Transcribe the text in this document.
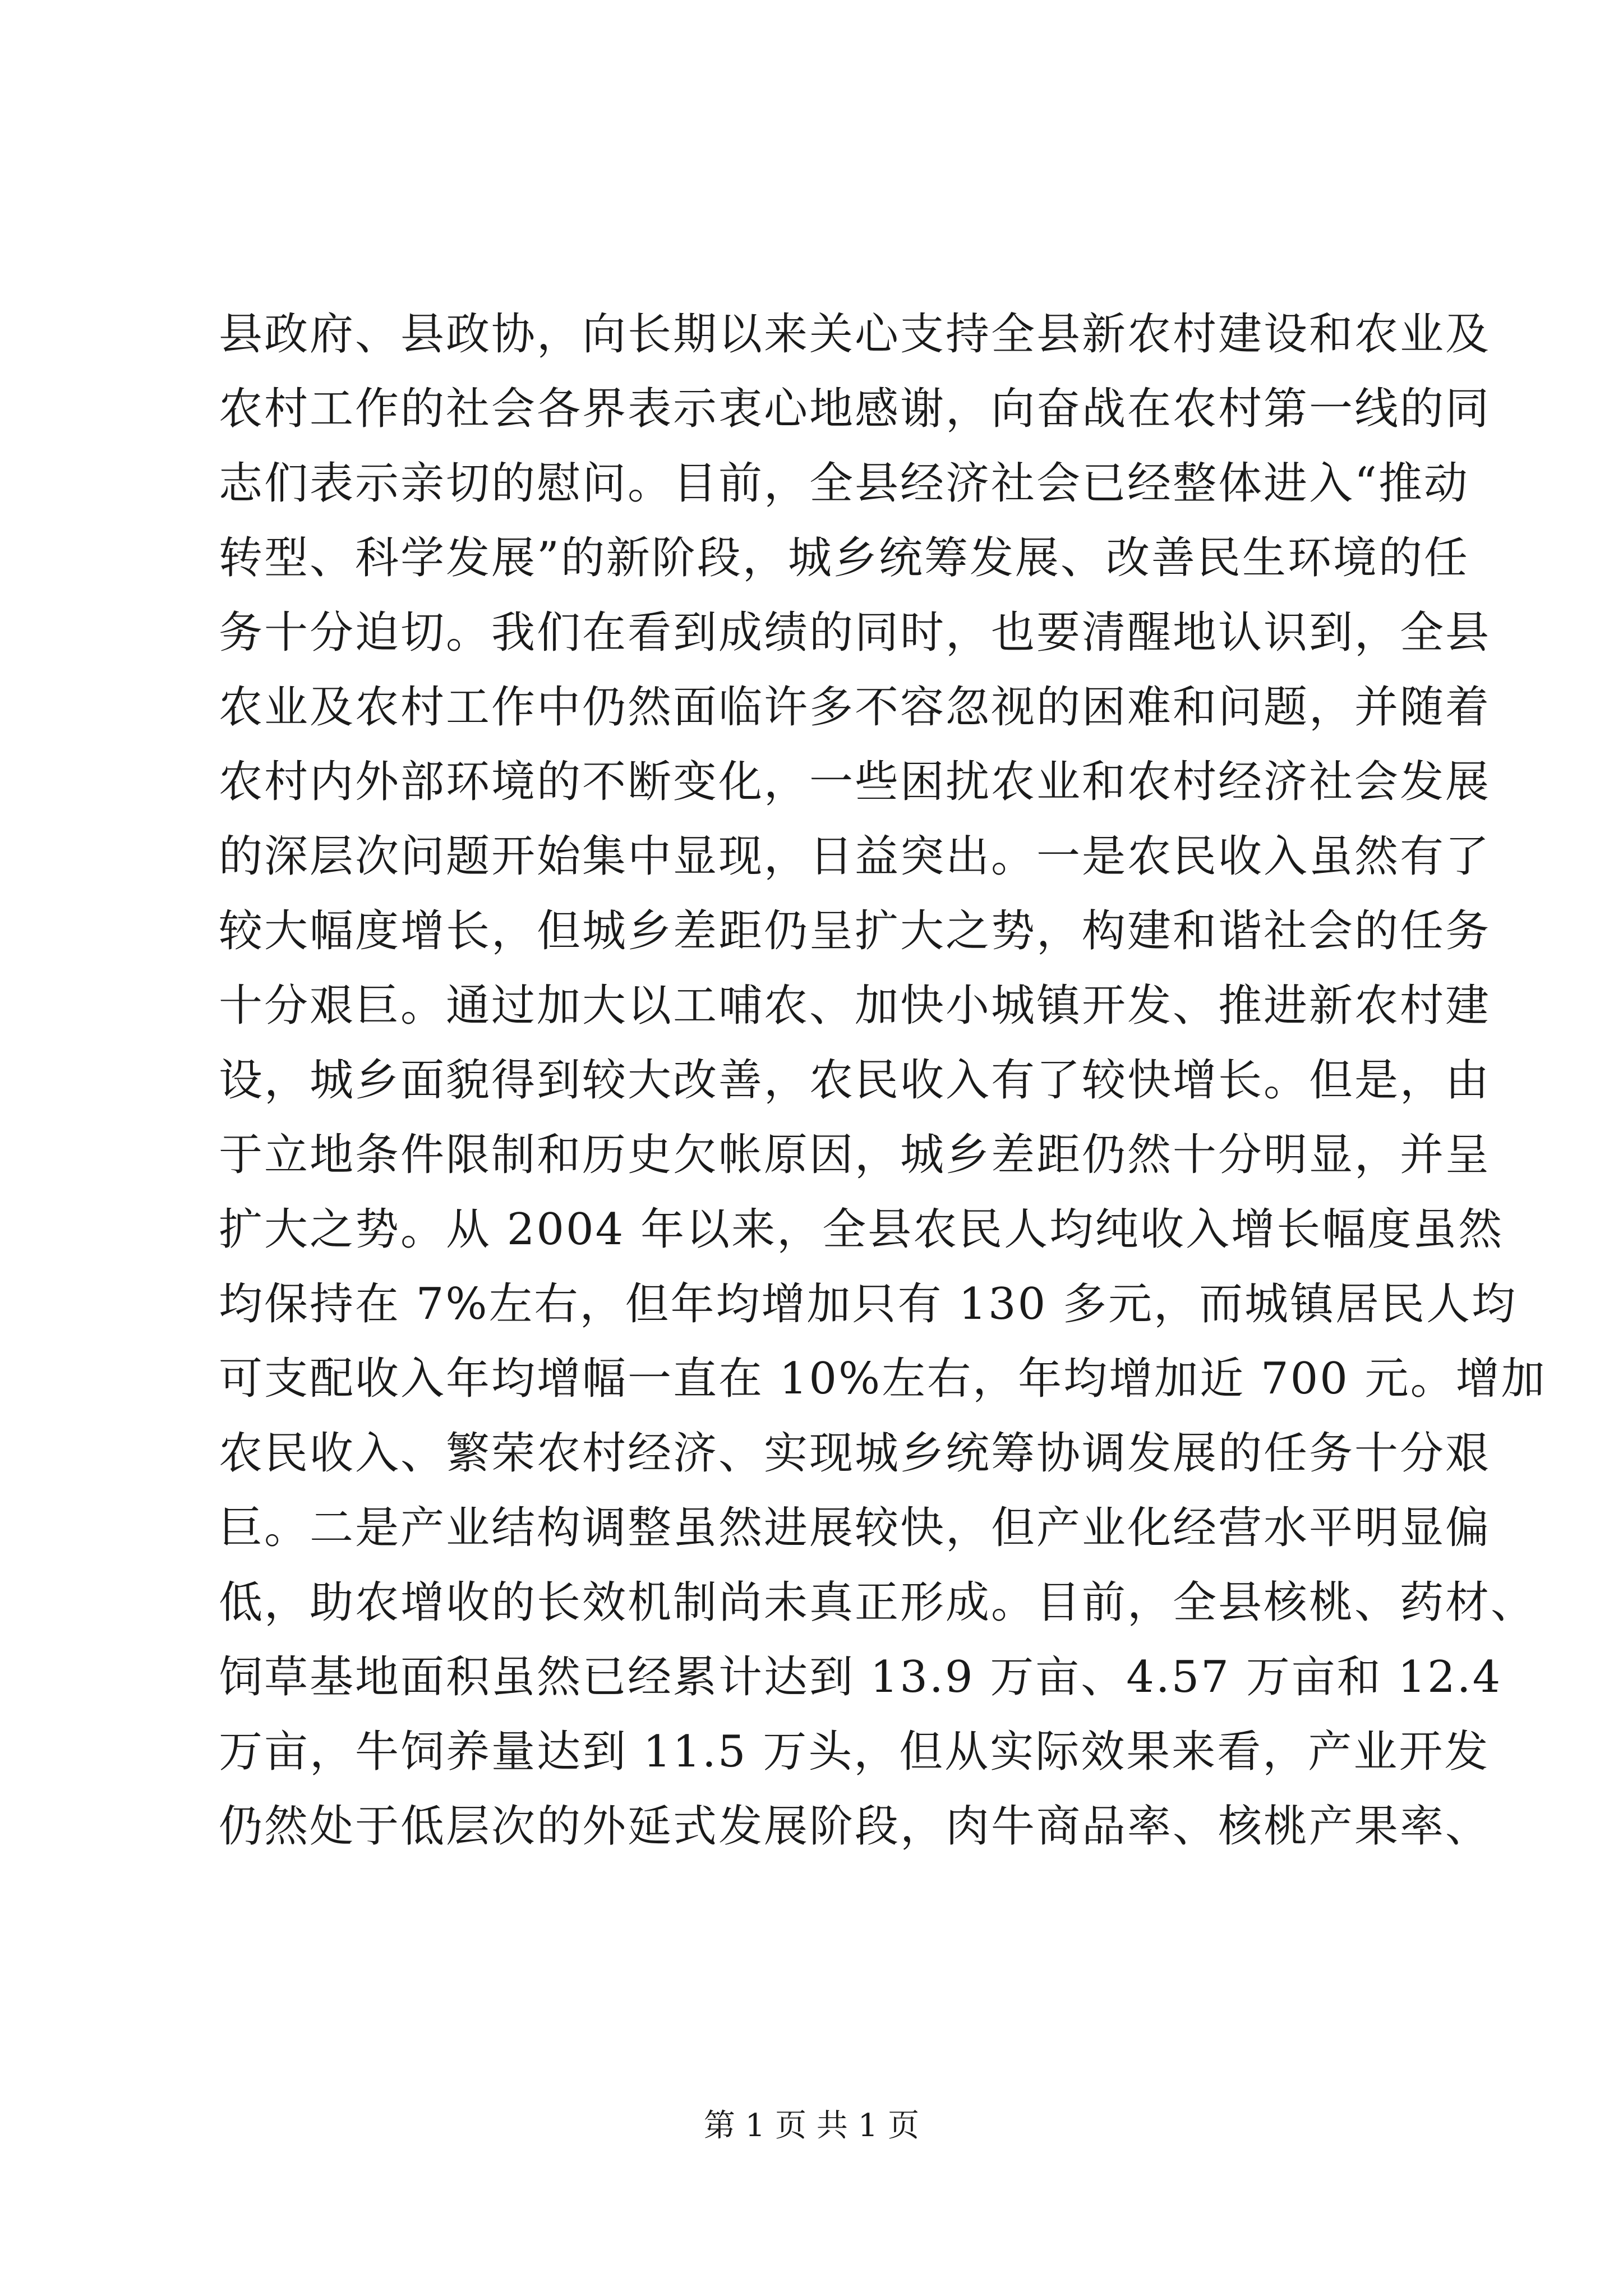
县政府、县政协，向长期以来关心支持全县新农村建设和农业及
农村工作的社会各界表示衷心地感谢，向奋战在农村第一线的同
志们表示亲切的慰问。目前，全县经济社会已经整体进入“推动
转型、科学发展”的新阶段，城乡统筹发展、改善民生环境的任
务十分迫切。我们在看到成绩的同时，也要清醒地认识到，全县
农业及农村工作中仍然面临许多不容忽视的困难和问题，并随着
农村内外部环境的不断变化，一些困扰农业和农村经济社会发展
的深层次问题开始集中显现，日益突出。一是农民收入虽然有了
较大幅度增长，但城乡差距仍呈扩大之势，构建和谐社会的任务
十分艰巨。通过加大以工哺农、加快小城镇开发、推进新农村建
设，城乡面貌得到较大改善，农民收入有了较快增长。但是，由
于立地条件限制和历史欠帐原因，城乡差距仍然十分明显，并呈
扩大之势。从 2004 年以来，全县农民人均纯收入增长幅度虽然
均保持在 7%左右，但年均增加只有 130 多元，而城镇居民人均
可支配收入年均增幅一直在 10%左右，年均增加近 700 元。增加
农民收入、繁荣农村经济、实现城乡统筹协调发展的任务十分艰
巨。二是产业结构调整虽然进展较快，但产业化经营水平明显偏
低，助农增收的长效机制尚未真正形成。目前，全县核桃、药材、
饲草基地面积虽然已经累计达到 13.9 万亩、4.57 万亩和 12.4
万亩，牛饲养量达到 11.5 万头，但从实际效果来看，产业开发
仍然处于低层次的外延式发展阶段，肉牛商品率、核桃产果率、
第 1 页 共 1 页
